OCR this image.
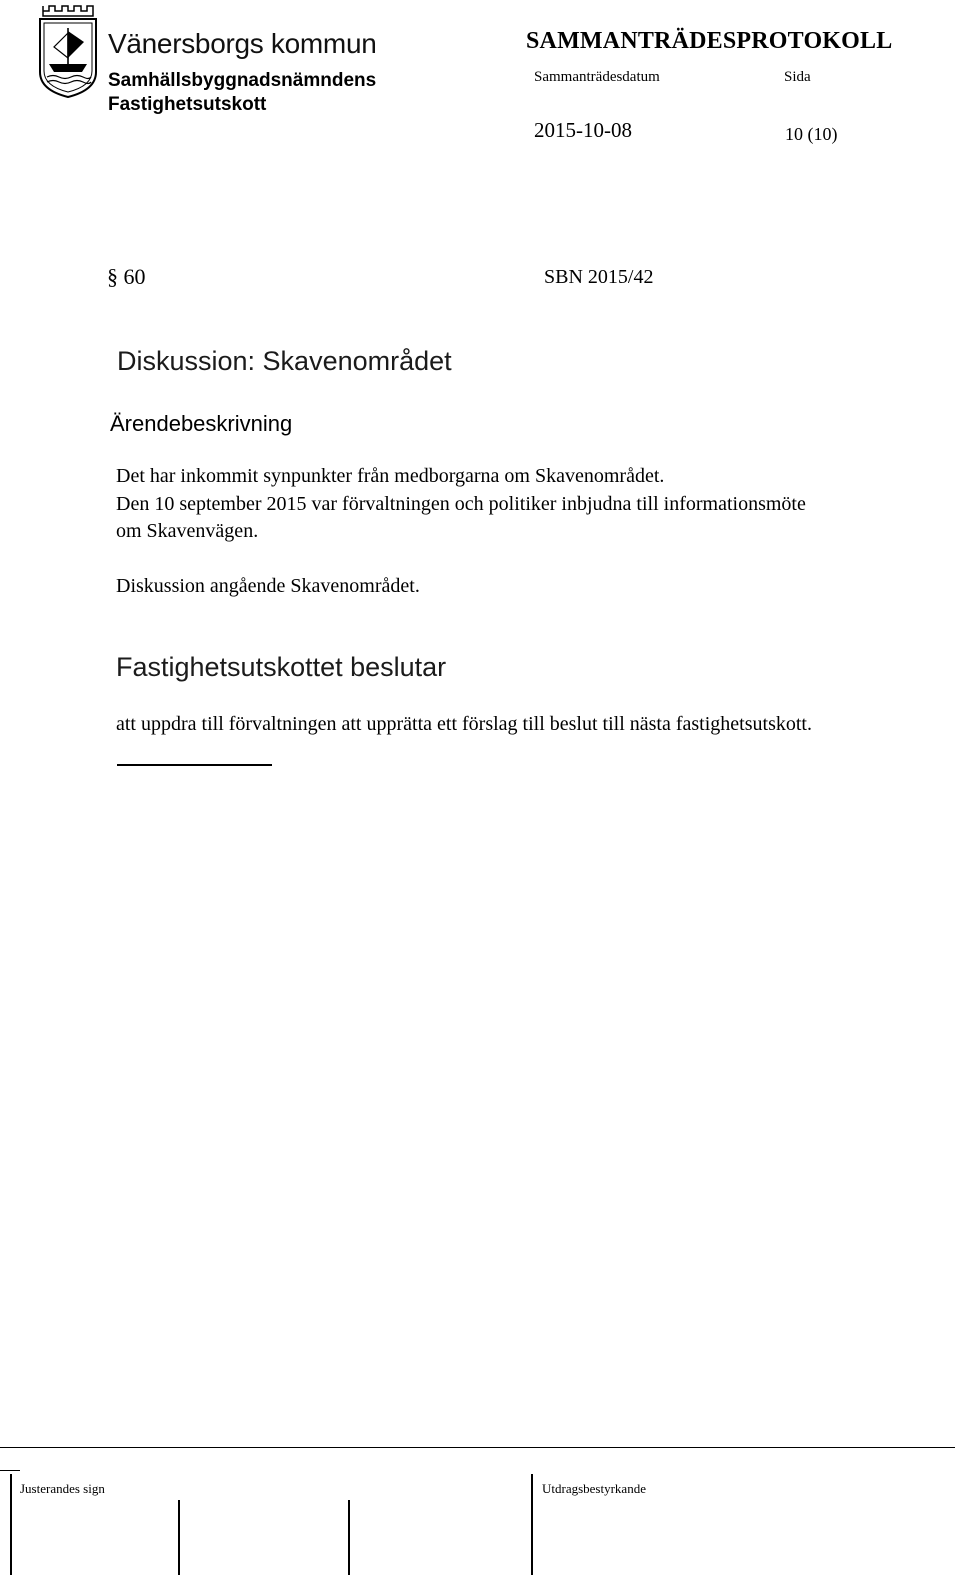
Vänersborgs kommun
Samhällsbyggnadsnämndens
Fastighetsutskott
SAMMANTRÄDESPROTOKOLL
Sammanträdesdatum	Sida
2015-10-08	10 (10)
§ 60	SBN 2015/42
Diskussion: Skavenområdet
Ärendebeskrivning
Det har inkommit synpunkter från medborgarna om Skavenområdet.
Den 10 september 2015 var förvaltningen och politiker inbjudna till informationsmöte
om Skavenvägen.
Diskussion angående Skavenområdet.
Fastighetsutskottet beslutar
att uppdra till förvaltningen att upprätta ett förslag till beslut till nästa fastighetsutskott.
Justerandes sign	Utdragsbestyrkande
